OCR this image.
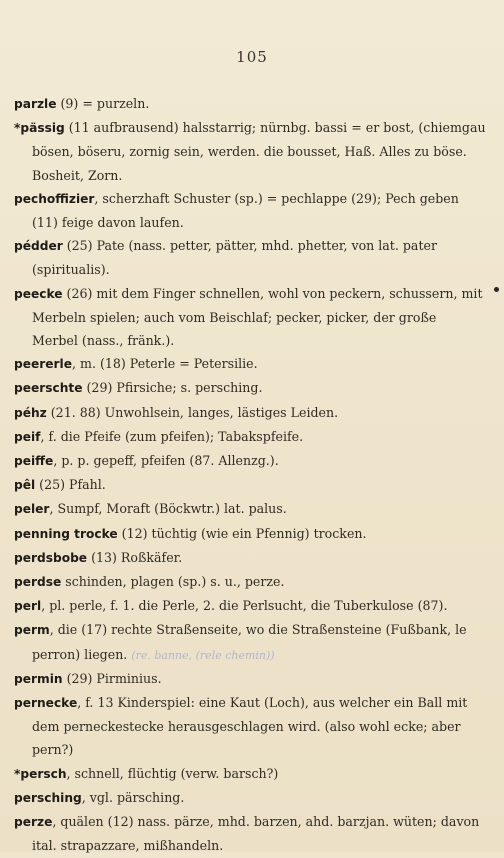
105

parzle (9) = purzeln.

*pässig (11 aufbrausend) halsstarrig; nürnbg. bassi = er bost, (chiemgau bösen, böseru, zornig sein, werden. die bousset, Haß. Alles zu böse. Bosheit, Zorn.

pechoffizier, scherzhaft Schuster (sp.) = pechlappe (29); Pech geben (11) feige davon laufen.

pédder (25) Pate (nass. petter, pätter, mhd. phetter, von lat. pater (spiritualis).

peecke (26) mit dem Finger schnellen, wohl von peckern, schussern, mit Merbeln spielen; auch vom Beischlaf; pecker, picker, der große Merbel (nass., fränk.).

peererle, m. (18) Peterle = Petersilie.

peerschte (29) Pfirsiche; s. persching.

péhz (21. 88) Unwohlsein, langes, lästiges Leiden.

peif, f. die Pfeife (zum pfeifen); Tabakspfeife.

peiffe, p. p. gepeff, pfeifen (87. Allenzg.).

pêl (25) Pfahl.

peler, Sumpf, Moraft (Böckwtr.) lat. palus.

penning trocke (12) tüchtig (wie ein Pfennig) trocken.

perdsbobe (13) Roßkäfer.

perdse schinden, plagen (sp.) s. u., perze.

perl, pl. perle, f. 1. die Perle, 2. die Perlsucht, die Tuberkulose (87).

perm, die (17) rechte Straßenseite, wo die Straßensteine (Fußbank, le perron) liegen. (re. banne, (rele chemin))

permin (29) Pirminius.

pernecke, f. 13 Kinderspiel: eine Kaut (Loch), aus welcher ein Ball mit dem perneckestecke herausgeschlagen wird. (also wohl ecke; aber pern?)

*persch, schnell, flüchtig (verw. barsch?)

persching, vgl. pärsching.

perze, quälen (12) nass. pärze, mhd. barzen, ahd. barzjan. wüten; davon ital. strapazzare, mißhandeln.
